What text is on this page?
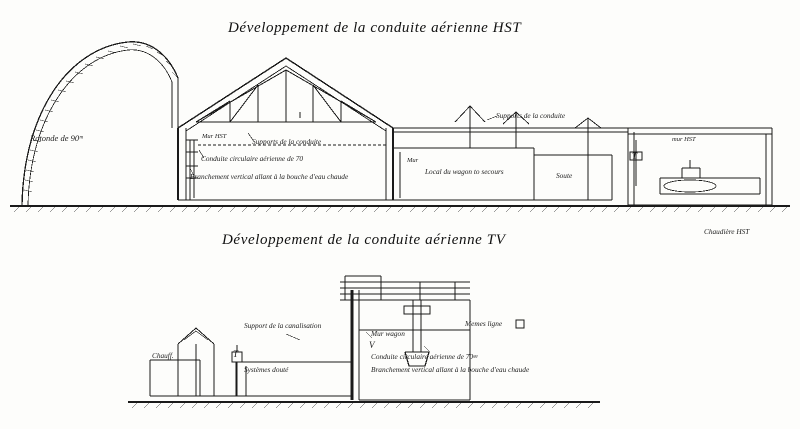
Développement de la conduite aérienne HST
Développement de la conduite aérienne TV
Rotonde de 90ᵐ	Mur HST
Supports de la conduite
Conduite circulaire aérienne de 70
Branchement vertical allant à la bouche d'eau chaude
Supports de la conduite
Mur
Local du wagon to secours	Soute
mur HST
Chaudière HST
T
Chauff.	T
Support de la canalisation
Systèmes douté
Mur wagon
V
Conduite circulaire aérienne de 70ᵍᵍ
Branchement vertical allant à la bouche d'eau chaude
Memes ligne
